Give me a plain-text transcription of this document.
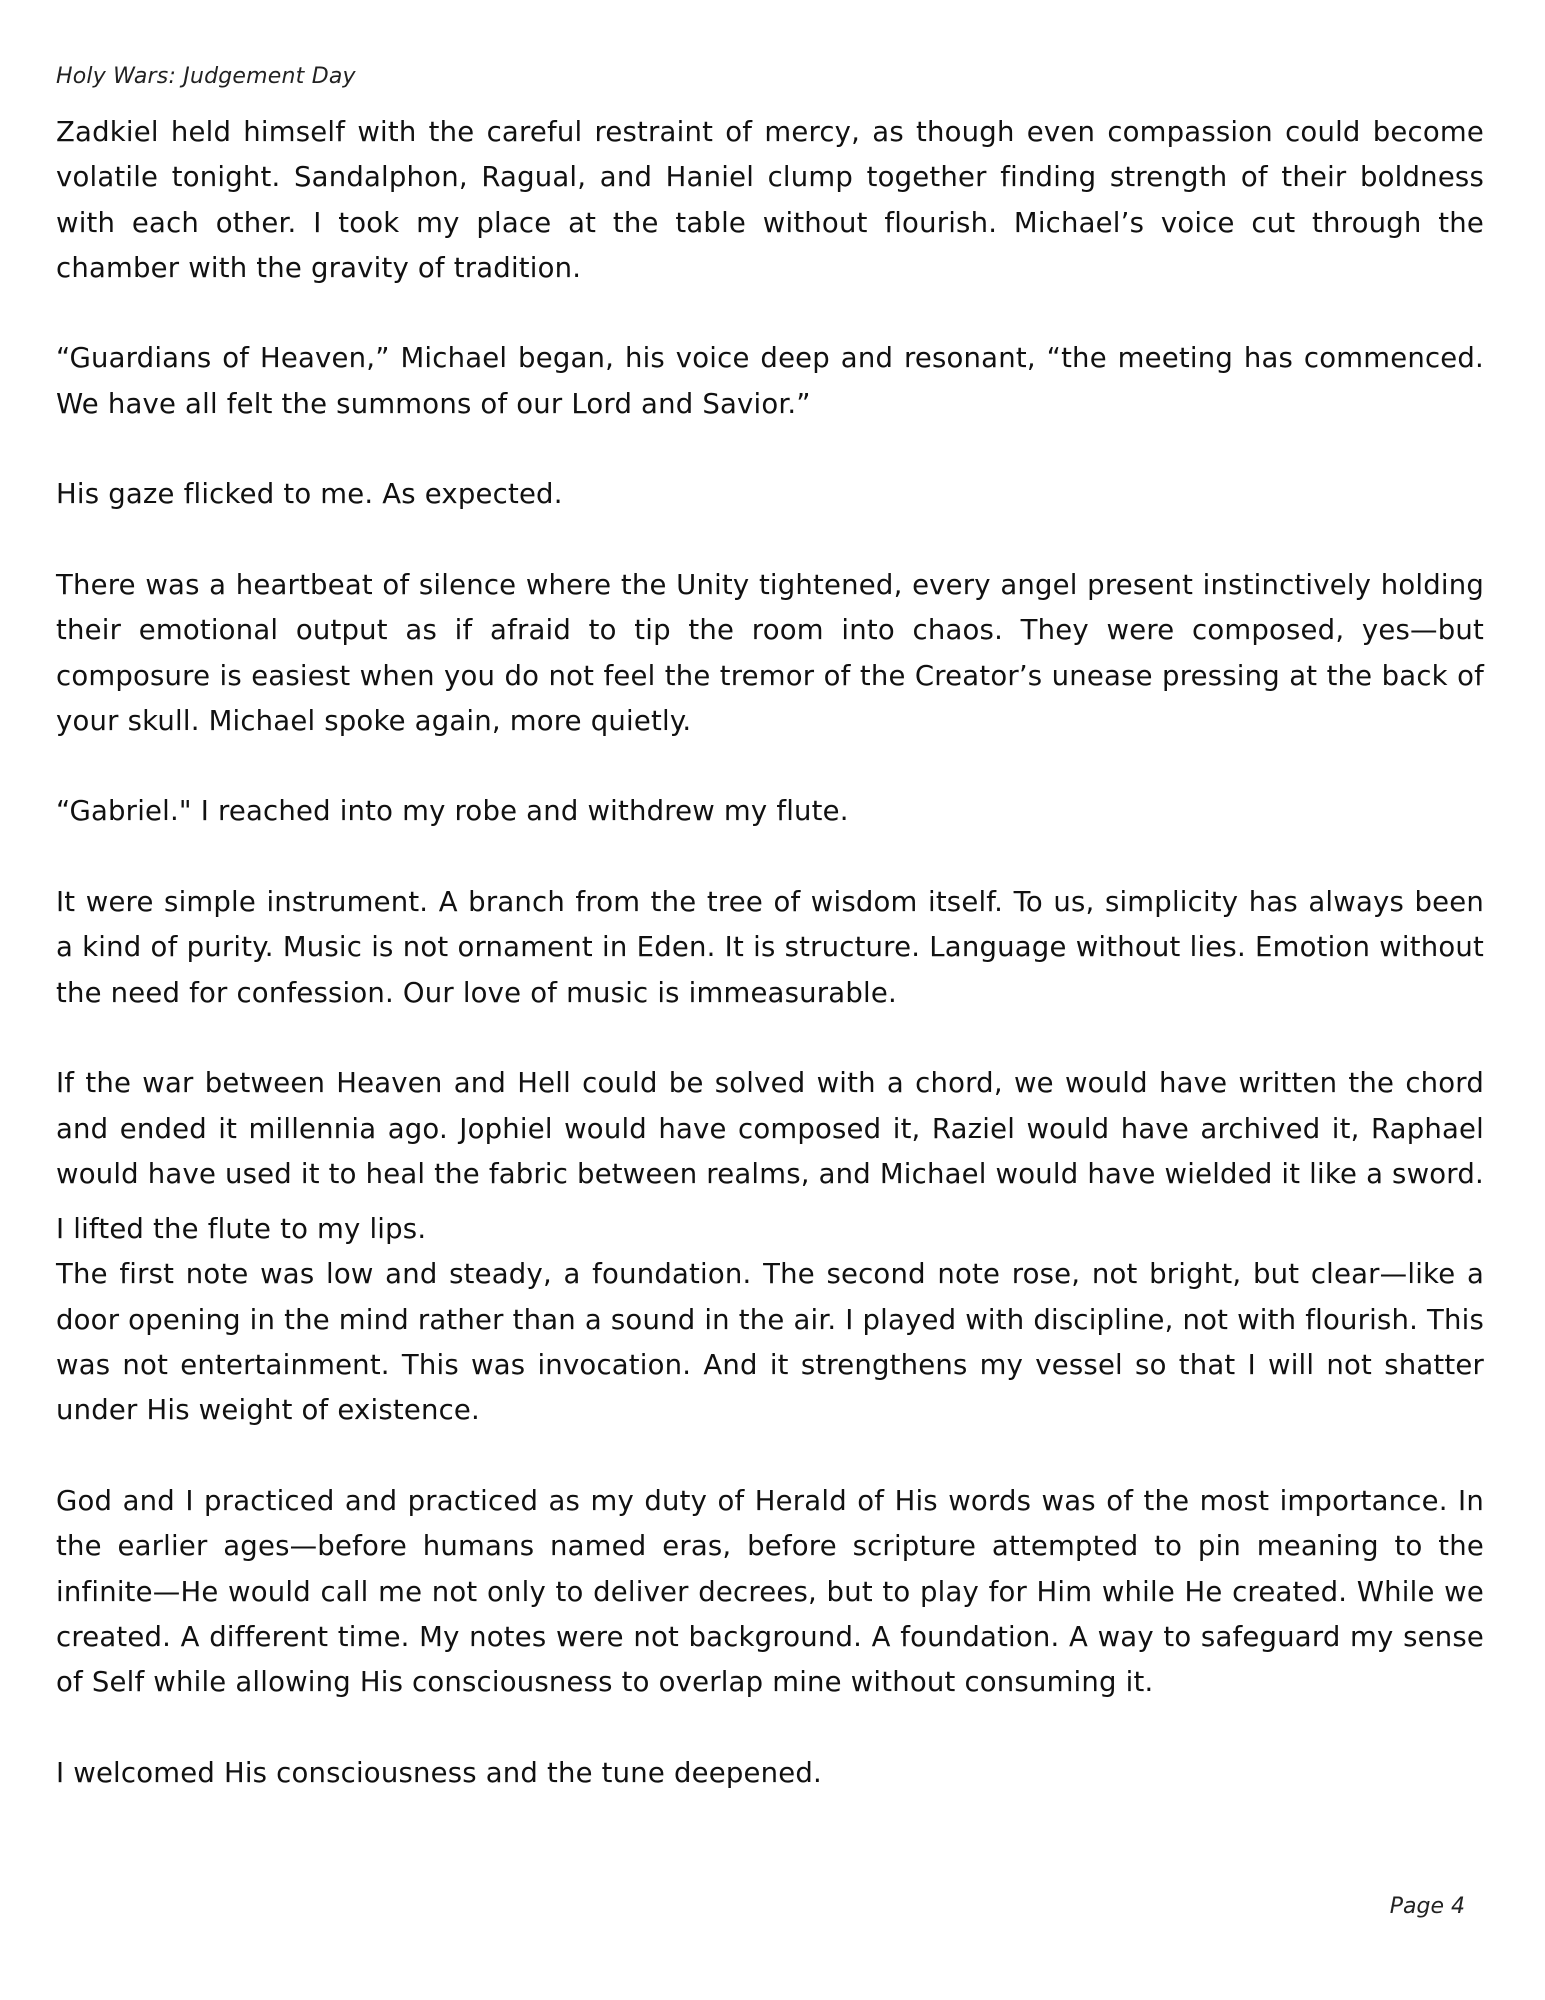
Holy Wars: Judgement Day

Zadkiel held himself with the careful restraint of mercy, as though even compassion could become volatile tonight. Sandalphon, Ragual, and Haniel clump together finding strength of their boldness with each other. I took my place at the table without flourish. Michael’s voice cut through the chamber with the gravity of tradition.

“Guardians of Heaven,” Michael began, his voice deep and resonant, “the meeting has commenced. We have all felt the summons of our Lord and Savior.”

His gaze flicked to me. As expected.

There was a heartbeat of silence where the Unity tightened, every angel present instinctively holding their emotional output as if afraid to tip the room into chaos. They were composed, yes—but composure is easiest when you do not feel the tremor of the Creator’s unease pressing at the back of your skull. Michael spoke again, more quietly.

“Gabriel." I reached into my robe and withdrew my flute.

It were simple instrument. A branch from the tree of wisdom itself. To us, simplicity has always been a kind of purity. Music is not ornament in Eden. It is structure. Language without lies. Emotion without the need for confession. Our love of music is immeasurable.

If the war between Heaven and Hell could be solved with a chord, we would have written the chord and ended it millennia ago. Jophiel would have composed it, Raziel would have archived it, Raphael would have used it to heal the fabric between realms, and Michael would have wielded it like a sword.

I lifted the flute to my lips.

The first note was low and steady, a foundation. The second note rose, not bright, but clear—like a door opening in the mind rather than a sound in the air. I played with discipline, not with flourish. This was not entertainment. This was invocation. And it strengthens my vessel so that I will not shatter under His weight of existence.

God and I practiced and practiced as my duty of Herald of His words was of the most importance. In the earlier ages—before humans named eras, before scripture attempted to pin meaning to the infinite—He would call me not only to deliver decrees, but to play for Him while He created. While we created. A different time. My notes were not background. A foundation. A way to safeguard my sense of Self while allowing His consciousness to overlap mine without consuming it.

I welcomed His consciousness and the tune deepened.

Page 4
